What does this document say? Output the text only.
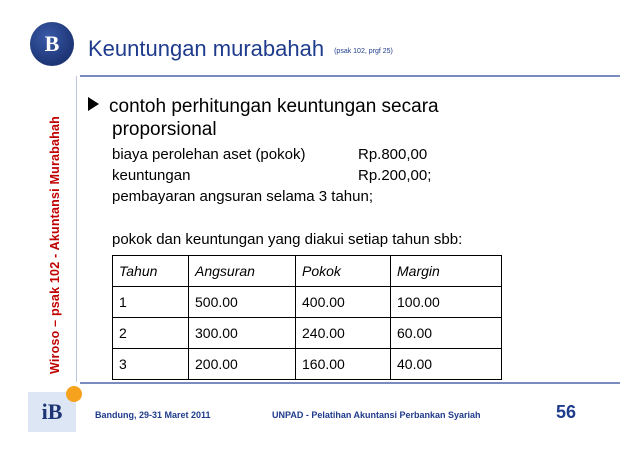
B
Wiroso – psak 102 - Akuntansi Murabahah
Keuntungan murabahah (psak 102, prgf 25)
contoh perhitungan keuntungan secara
proporsional
biaya perolehan aset (pokok)	Rp.800,00
keuntungan	Rp.200,00;
pembayaran angsuran selama 3 tahun;
pokok dan keuntungan yang diakui setiap tahun sbb:
Tahun	Angsuran	Pokok	Margin
1	500.00	400.00	100.00
2	300.00	240.00	60.00
3	200.00	160.00	40.00
iB	Bandung, 29-31 Maret 2011	UNPAD - Pelatihan Akuntansi Perbankan Syariah	56
